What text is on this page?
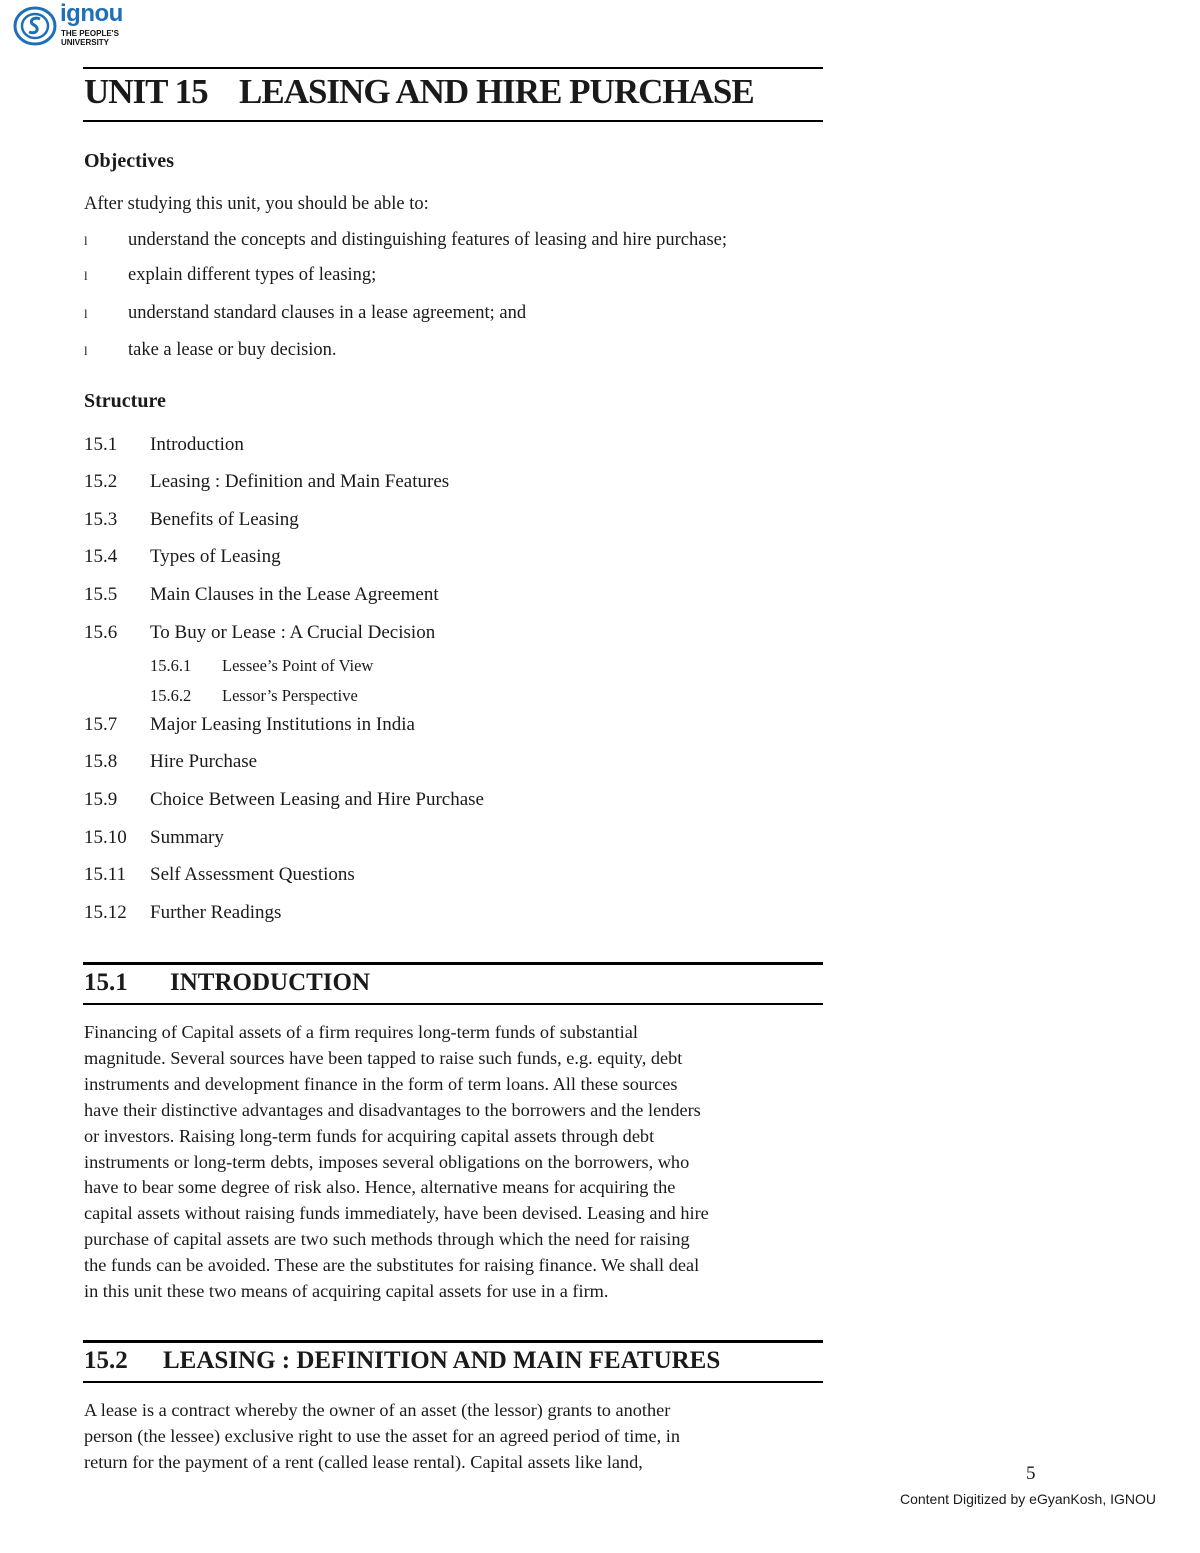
ignou
THE PEOPLE'S
UNIVERSITY
UNIT 15 LEASING AND HIRE PURCHASE
Objectives
After studying this unit, you should be able to:
l understand the concepts and distinguishing features of leasing and hire purchase;
l explain different types of leasing;
l understand standard clauses in a lease agreement; and
l take a lease or buy decision.
Structure
15.1 Introduction
15.2 Leasing : Definition and Main Features
15.3 Benefits of Leasing
15.4 Types of Leasing
15.5 Main Clauses in the Lease Agreement
15.6 To Buy or Lease : A Crucial Decision
15.6.1 Lessee’s Point of View
15.6.2 Lessor’s Perspective
15.7 Major Leasing Institutions in India
15.8 Hire Purchase
15.9 Choice Between Leasing and Hire Purchase
15.10 Summary
15.11 Self Assessment Questions
15.12 Further Readings
15.1 INTRODUCTION
Financing of Capital assets of a firm requires long-term funds of substantial
magnitude. Several sources have been tapped to raise such funds, e.g. equity, debt
instruments and development finance in the form of term loans. All these sources
have their distinctive advantages and disadvantages to the borrowers and the lenders
or investors. Raising long-term funds for acquiring capital assets through debt
instruments or long-term debts, imposes several obligations on the borrowers, who
have to bear some degree of risk also. Hence, alternative means for acquiring the
capital assets without raising funds immediately, have been devised. Leasing and hire
purchase of capital assets are two such methods through which the need for raising
the funds can be avoided. These are the substitutes for raising finance. We shall deal
in this unit these two means of acquiring capital assets for use in a firm.
15.2 LEASING : DEFINITION AND MAIN FEATURES
A lease is a contract whereby the owner of an asset (the lessor) grants to another
person (the lessee) exclusive right to use the asset for an agreed period of time, in
return for the payment of a rent (called lease rental). Capital assets like land,
5
Content Digitized by eGyanKosh, IGNOU
